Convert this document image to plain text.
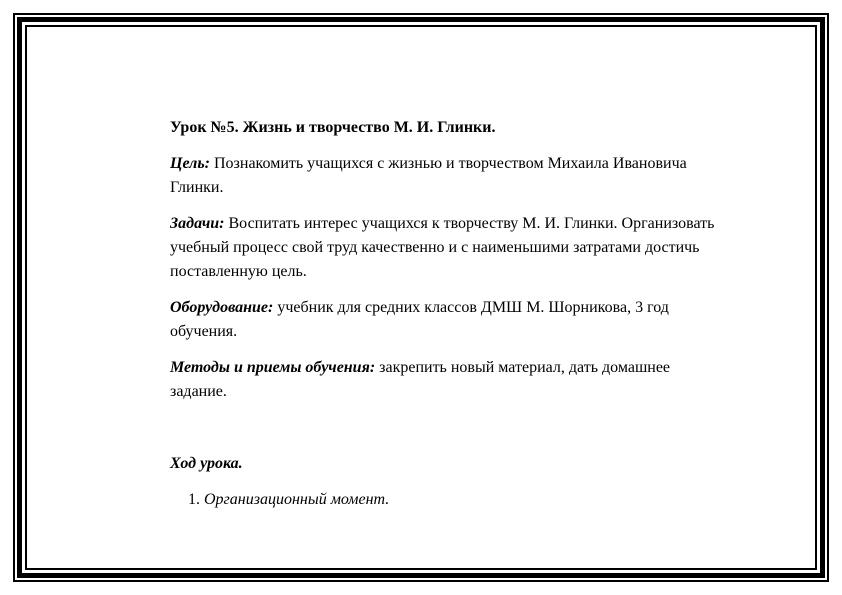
Урок №5. Жизнь и творчество М. И. Глинки.
Цель: Познакомить учащихся с жизнью и творчеством Михаила Ивановича Глинки.
Задачи: Воспитать интерес учащихся к творчеству М. И. Глинки. Организовать учебный процесс свой труд качественно и с наименьшими затратами достичь поставленную цель.
Оборудование: учебник для средних классов ДМШ М. Шорникова, 3 год обучения.
Методы и приемы обучения: закрепить новый материал, дать домашнее задание.
Ход урока.
1. Организационный момент.
